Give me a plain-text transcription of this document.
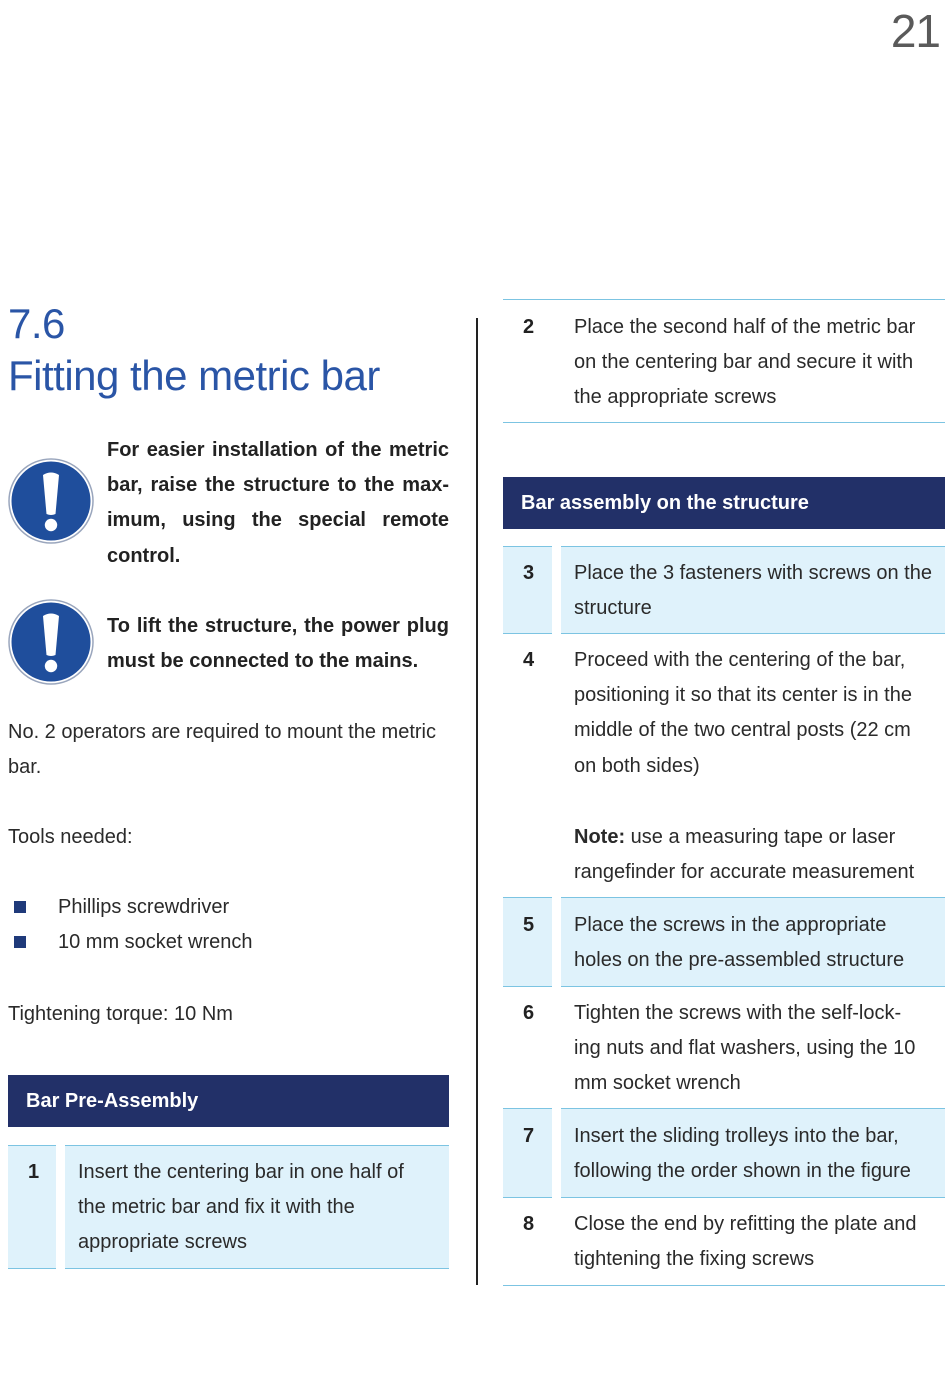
21
7.6
Fitting the metric bar
For easier installation of the metric bar, raise the structure to the max-imum, using the special remote control.
To lift the structure, the power plug must be connected to the mains.
No. 2 operators are required to mount the metric bar.
Tools needed:
Phillips screwdriver
10 mm socket wrench
Tightening torque: 10 Nm
Bar Pre-Assembly
1 Insert the centering bar in one half of the metric bar and fix it with the appropriate screws
2 Place the second half of the metric bar on the centering bar and secure it with the appropriate screws
Bar assembly on the structure
3 Place the 3 fasteners with screws on the structure
4 Proceed with the centering of the bar, positioning it so that its center is in the middle of the two central posts (22 cm on both sides)
Note: use a measuring tape or laser rangefinder for accurate measurement
5 Place the screws in the appropriate holes on the pre-assembled structure
6 Tighten the screws with the self-lock-ing nuts and flat washers, using the 10 mm socket wrench
7 Insert the sliding trolleys into the bar, following the order shown in the figure
8 Close the end by refitting the plate and tightening the fixing screws
